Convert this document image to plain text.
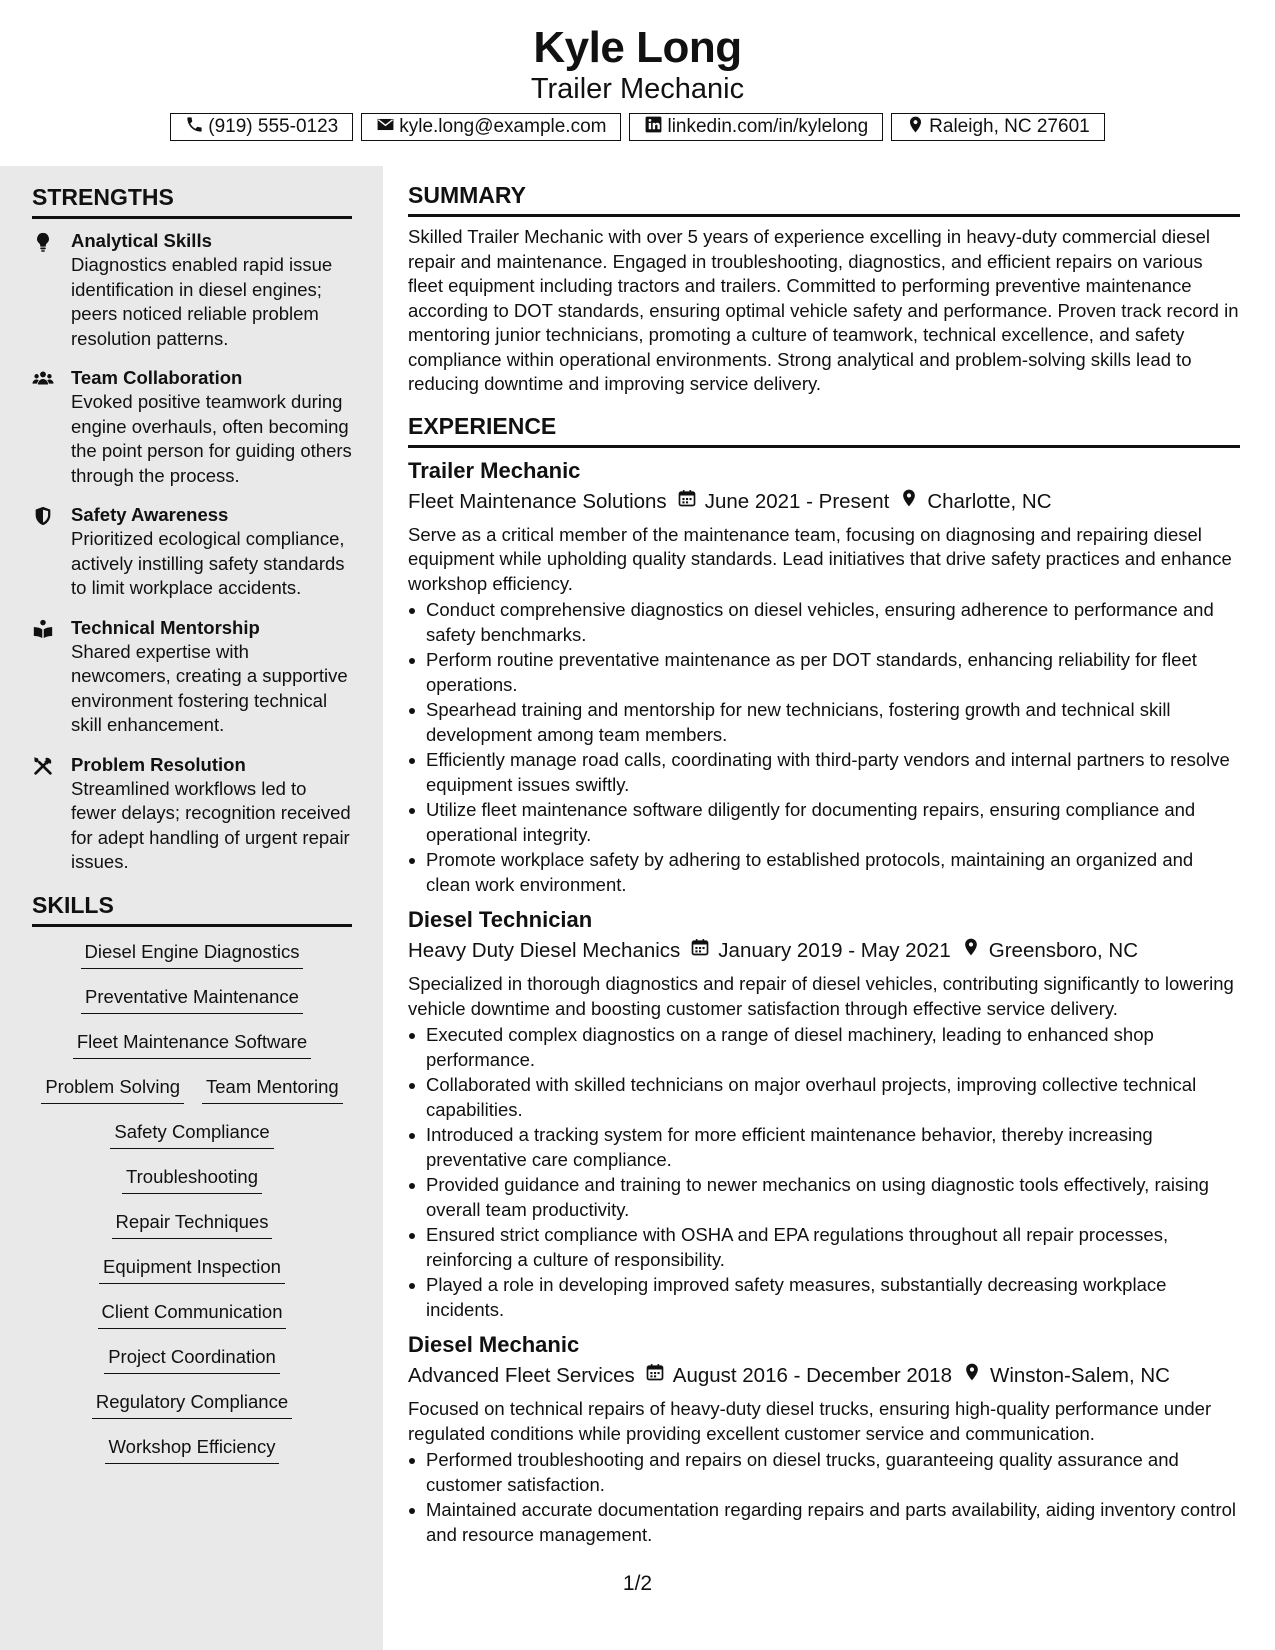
Kyle Long
Trailer Mechanic
(919) 555-0123	kyle.long@example.com	linkedin.com/in/kylelong	Raleigh, NC 27601
STRENGTHS
Analytical Skills
Diagnostics enabled rapid issue identification in diesel engines; peers noticed reliable problem resolution patterns.
Team Collaboration
Evoked positive teamwork during engine overhauls, often becoming the point person for guiding others through the process.
Safety Awareness
Prioritized ecological compliance, actively instilling safety standards to limit workplace accidents.
Technical Mentorship
Shared expertise with newcomers, creating a supportive environment fostering technical skill enhancement.
Problem Resolution
Streamlined workflows led to fewer delays; recognition received for adept handling of urgent repair issues.
SKILLS
Diesel Engine Diagnostics
Preventative Maintenance
Fleet Maintenance Software
Problem Solving Team Mentoring
Safety Compliance
Troubleshooting
Repair Techniques
Equipment Inspection
Client Communication
Project Coordination
Regulatory Compliance
Workshop Efficiency
SUMMARY
Skilled Trailer Mechanic with over 5 years of experience excelling in heavy-duty commercial diesel repair and maintenance. Engaged in troubleshooting, diagnostics, and efficient repairs on various fleet equipment including tractors and trailers. Committed to performing preventive maintenance according to DOT standards, ensuring optimal vehicle safety and performance. Proven track record in mentoring junior technicians, promoting a culture of teamwork, technical excellence, and safety compliance within operational environments. Strong analytical and problem-solving skills lead to reducing downtime and improving service delivery.
EXPERIENCE
Trailer Mechanic
Fleet Maintenance Solutions June 2021 - Present Charlotte, NC
Serve as a critical member of the maintenance team, focusing on diagnosing and repairing diesel equipment while upholding quality standards. Lead initiatives that drive safety practices and enhance workshop efficiency.
Conduct comprehensive diagnostics on diesel vehicles, ensuring adherence to performance and safety benchmarks.
Perform routine preventative maintenance as per DOT standards, enhancing reliability for fleet operations.
Spearhead training and mentorship for new technicians, fostering growth and technical skill development among team members.
Efficiently manage road calls, coordinating with third-party vendors and internal partners to resolve equipment issues swiftly.
Utilize fleet maintenance software diligently for documenting repairs, ensuring compliance and operational integrity.
Promote workplace safety by adhering to established protocols, maintaining an organized and clean work environment.
Diesel Technician
Heavy Duty Diesel Mechanics January 2019 - May 2021 Greensboro, NC
Specialized in thorough diagnostics and repair of diesel vehicles, contributing significantly to lowering vehicle downtime and boosting customer satisfaction through effective service delivery.
Executed complex diagnostics on a range of diesel machinery, leading to enhanced shop performance.
Collaborated with skilled technicians on major overhaul projects, improving collective technical capabilities.
Introduced a tracking system for more efficient maintenance behavior, thereby increasing preventative care compliance.
Provided guidance and training to newer mechanics on using diagnostic tools effectively, raising overall team productivity.
Ensured strict compliance with OSHA and EPA regulations throughout all repair processes, reinforcing a culture of responsibility.
Played a role in developing improved safety measures, substantially decreasing workplace incidents.
Diesel Mechanic
Advanced Fleet Services August 2016 - December 2018 Winston-Salem, NC
Focused on technical repairs of heavy-duty diesel trucks, ensuring high-quality performance under regulated conditions while providing excellent customer service and communication.
Performed troubleshooting and repairs on diesel trucks, guaranteeing quality assurance and customer satisfaction.
Maintained accurate documentation regarding repairs and parts availability, aiding inventory control and resource management.
1/2
